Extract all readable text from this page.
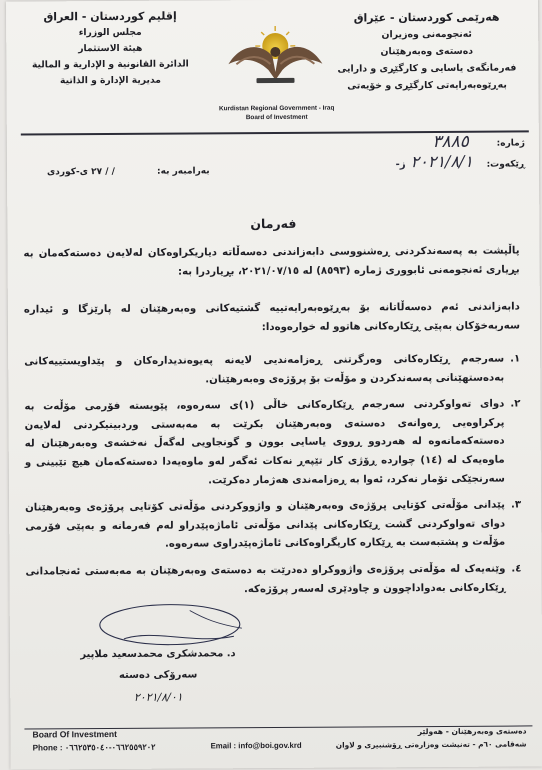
إقليم كوردستان - العراق
مجلس الوزراء
هيئة الاستثمار
الدائرة القانونية و الإدارية و المالية
مديرية الإدارة و الذاتية
هەرێمی کوردستان - عێراق
ئەنجومەنی وەزیران
دەستەی وەبەرهێنان
فەرمانگەی یاسایی و کارگێڕی و دارایی
بەڕێوەبەرایەتی کارگێڕی و خۆیەتی
Kurdistan Regional Government - Iraq
Board of Investment
ژمارە:
٣٨٨٥
ڕێکەوت:
٢٠٢١/٨/١ ز-
بەرامبەر بە:
/ / ٢٧ ی-کوردی
فەرمان
پاڵپشت بە پەسەندکردنی ڕەشنووسی دابەزاندنی دەسەڵاتە دیاریکراوەکان لەلایەن دەستەکەمان بە بڕیاری ئەنجومەنی ئابووری ژمارە (٨٥٩٣) لە ٢٠٢١/٠٧/١٥، بڕیاردرا بە:
دابەزاندنی ئەم دەسەڵاتانە بۆ بەڕێوەبەرایەتییە گشتیەکانی وەبەرهێنان لە پارێزگا و ئیدارە سەربەخۆکان بەپێی ڕێکارەکانی هاتوو لە خوارەوەدا:
١.
سەرجەم ڕێکارەکانی وەرگرتنی ڕەزامەندیی لایەنە پەیوەندیدارەکان و پێداویستییەکانی بەدەستهێنانی پەسەندکردن و مۆڵەت بۆ پرۆژەی وەبەرهێنان.
٢.
دوای تەواوکردنی سەرجەم ڕێکارەکانی خاڵی (١)ی سەرەوە، پێویستە فۆرمی مۆڵەت بە پرکراوەیی ڕەوانەی دەستەی وەبەرهێنان بکرێت بە مەبەستی وردبینیکردنی لەلایەن دەستەکەمانەوە لە هەردوو ڕووی یاسایی بوون و گونجاویی لەگەڵ نەخشەی وەبەرهێنان لە ماوەیەک لە (١٤) چواردە ڕۆژی کار تێپەڕ نەکات ئەگەر لەو ماوەیەدا دەستەکەمان هیچ تێبینی و سەرنجێکی تۆمار نەکرد، ئەوا بە ڕەزامەندی هەژمار دەکرێت.
٣.
پێدانی مۆڵەتی کۆتایی پرۆژەی وەبەرهێنان و واژووکردنی مۆڵەتی کۆتایی پرۆژەی وەبەرهێنان دوای تەواوکردنی گشت ڕێکارەکانی پێدانی مۆڵەتی ئاماژەپێدراو لەم فەرمانە و بەپێی فۆرمی مۆڵەت و پشتبەست بە ڕێکارە کاریگراوەکانی ئاماژەپێدراوی سەرەوە.
٤.
وێنەیەک لە مۆڵەتی پرۆژەی واژووکراو دەدرێت بە دەستەی وەبەرهێنان بە مەبەستی ئەنجامدانی ڕێکارەکانی بەدواداچوون و چاودێری لەسەر پرۆژەکە.
د. محمدشکری محمدسعید ملاپیر
سەرۆکی دەستە
٢٠٢١/٨/٠١
Board Of Investment
Phone : ٠٦٦٢٥٥٩٢٠٢-٠٦٦٢٥٣٥٠٤٠	Email : info@boi.gov.krd
دەستەی وەبەرهێنان - هەولێر
شەقامی ٦٠م - تەنیشت وەزارەتی ڕۆشنبیری و لاوان
